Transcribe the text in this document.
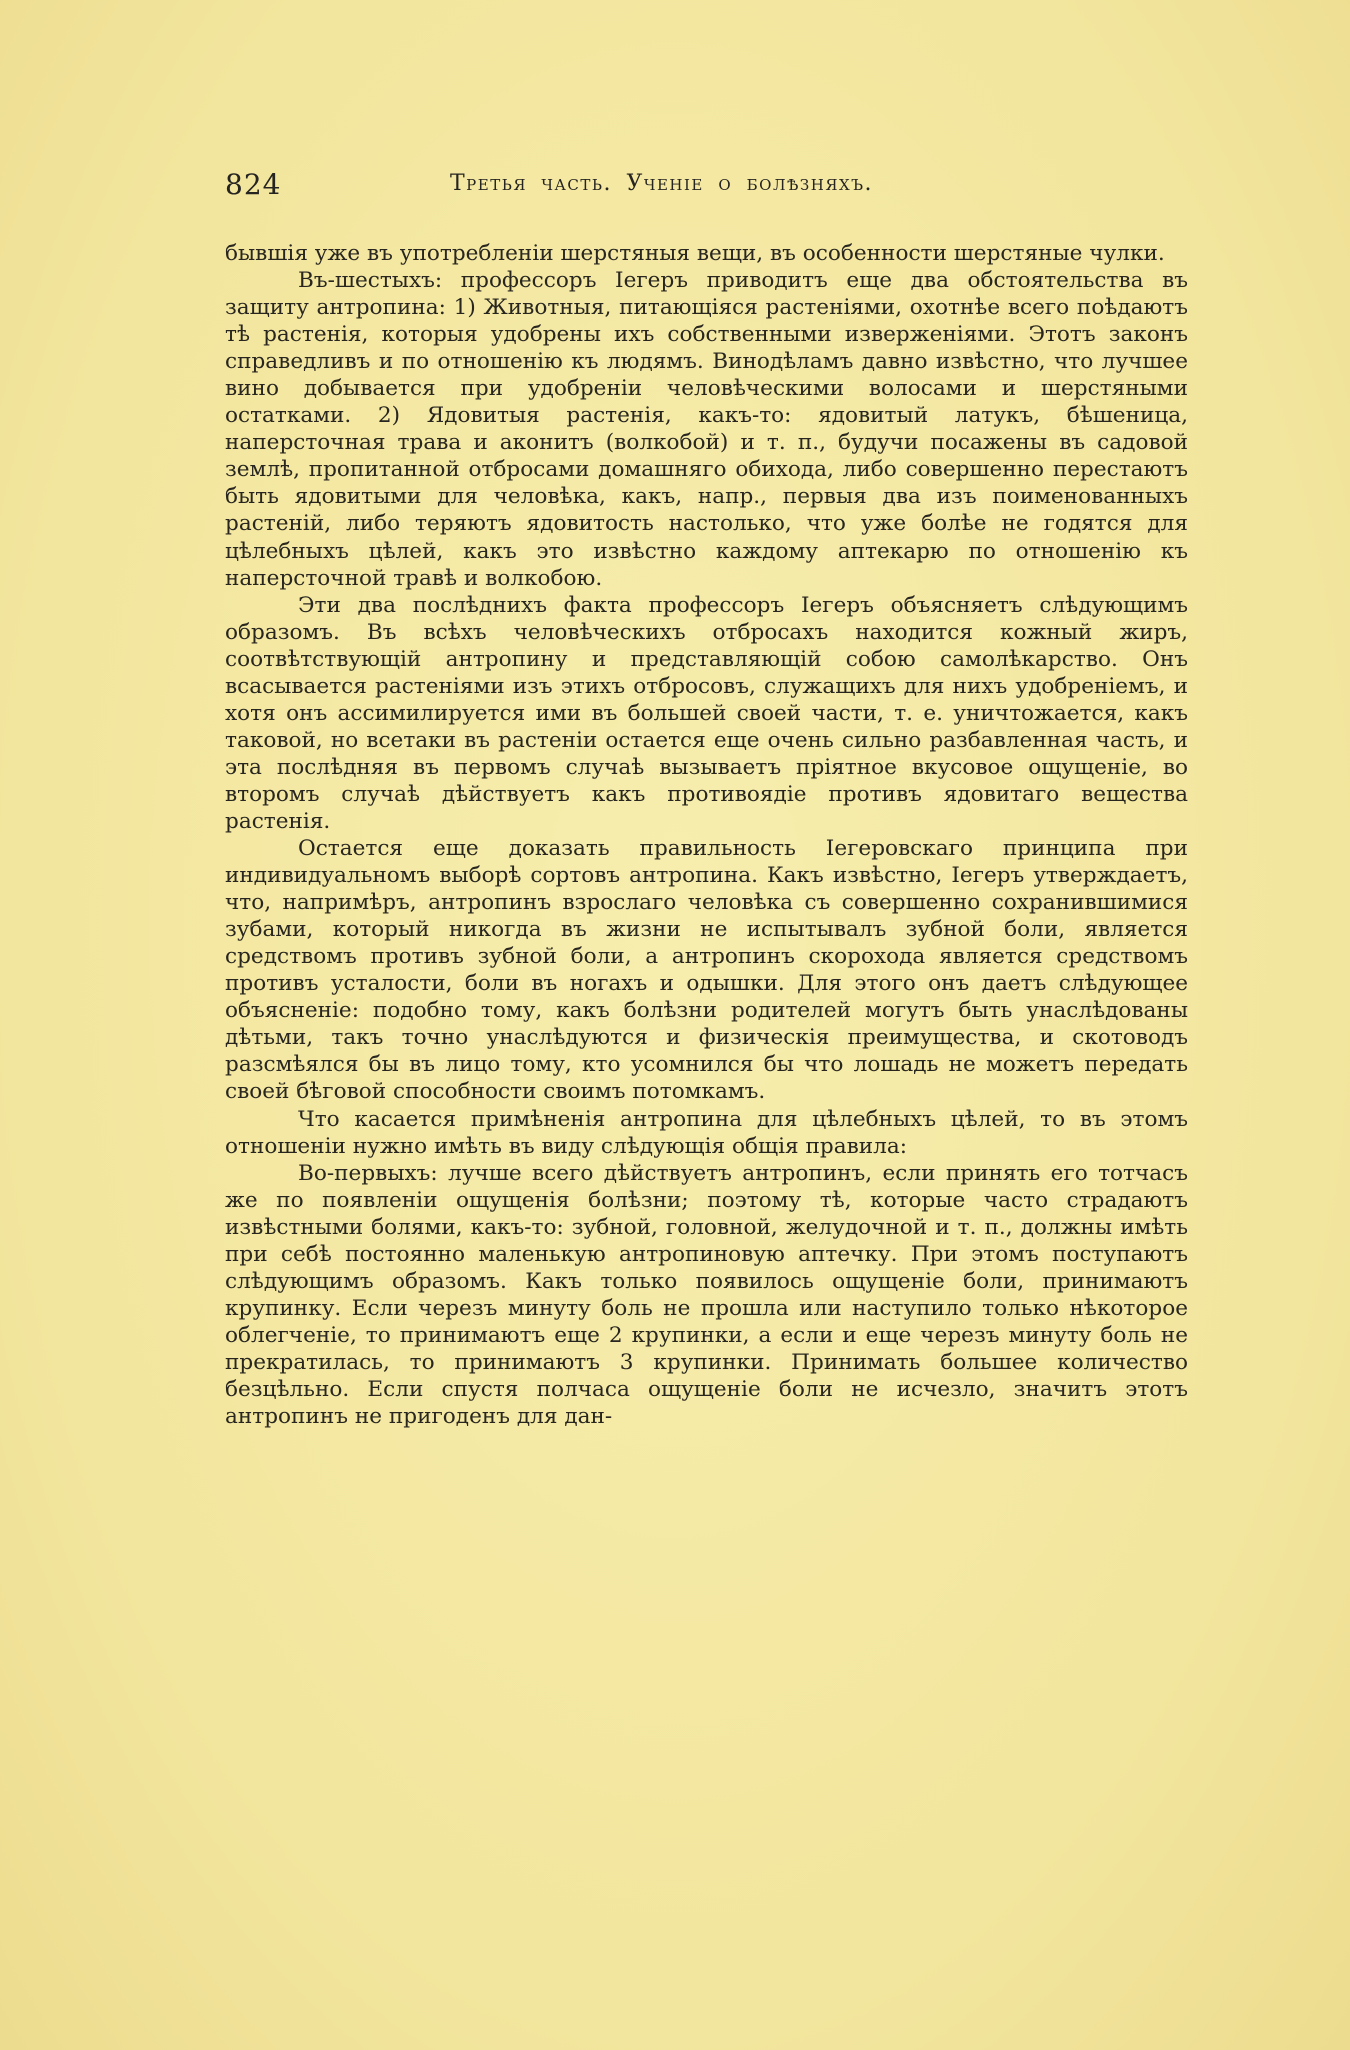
824	Третья часть. Ученіе о болѣзняхъ.

бывшія уже въ употребленіи шерстяныя вещи, въ особенности шерстяные чулки.

Въ-шестыхъ: профессоръ Іегеръ приводитъ еще два обстоятельства въ защиту антропина: 1) Животныя, питающіяся растеніями, охотнѣе всего поѣдаютъ тѣ растенія, которыя удобрены ихъ собственными изверженіями. Этотъ законъ справедливъ и по отношенію къ людямъ. Винодѣламъ давно извѣстно, что лучшее вино добывается при удобреніи человѣческими волосами и шерстяными остатками. 2) Ядовитыя растенія, какъ-то: ядовитый латукъ, бѣшеница, наперсточная трава и аконитъ (волкобой) и т. п., будучи посажены въ садовой землѣ, пропитанной отбросами домашняго обихода, либо совершенно перестаютъ быть ядовитыми для человѣка, какъ, напр., первыя два изъ поименованныхъ растеній, либо теряютъ ядовитость настолько, что уже болѣе не годятся для цѣлебныхъ цѣлей, какъ это извѣстно каждому аптекарю по отношенію къ наперсточной травѣ и волкобою.

Эти два послѣднихъ факта профессоръ Іегеръ объясняетъ слѣдующимъ образомъ. Въ всѣхъ человѣческихъ отбросахъ находится кожный жиръ, соотвѣтствующій антропину и представляющій собою самолѣкарство. Онъ всасывается растеніями изъ этихъ отбросовъ, служащихъ для нихъ удобреніемъ, и хотя онъ ассимилируется ими въ большей своей части, т. е. уничтожается, какъ таковой, но всетаки въ растеніи остается еще очень сильно разбавленная часть, и эта послѣдняя въ первомъ случаѣ вызываетъ пріятное вкусовое ощущеніе, во второмъ случаѣ дѣйствуетъ какъ противоядіе противъ ядовитаго вещества растенія.

Остается еще доказать правильность Іегеровскаго принципа при индивидуальномъ выборѣ сортовъ антропина. Какъ извѣстно, Іегеръ утверждаетъ, что, напримѣръ, антропинъ взрослаго человѣка съ совершенно сохранившимися зубами, который никогда въ жизни не испытывалъ зубной боли, является средствомъ противъ зубной боли, а антропинъ скорохода является средствомъ противъ усталости, боли въ ногахъ и одышки. Для этого онъ даетъ слѣдующее объясненіе: подобно тому, какъ болѣзни родителей могутъ быть унаслѣдованы дѣтьми, такъ точно унаслѣдуются и физическія преимущества, и скотоводъ разсмѣялся бы въ лицо тому, кто усомнился бы что лошадь не можетъ передать своей бѣговой способности своимъ потомкамъ.

Что касается примѣненія антропина для цѣлебныхъ цѣлей, то въ этомъ отношеніи нужно имѣть въ виду слѣдующія общія правила:

Во-первыхъ: лучше всего дѣйствуетъ антропинъ, если принять его тотчасъ же по появленіи ощущенія болѣзни; поэтому тѣ, которые часто страдаютъ извѣстными болями, какъ-то: зубной, головной, желудочной и т. п., должны имѣть при себѣ постоянно маленькую антропиновую аптечку. При этомъ поступаютъ слѣдующимъ образомъ. Какъ только появилось ощущеніе боли, принимаютъ крупинку. Если черезъ минуту боль не прошла или наступило только нѣкоторое облегченіе, то принимаютъ еще 2 крупинки, а если и еще черезъ минуту боль не прекратилась, то принимаютъ 3 крупинки. Принимать большее количество безцѣльно. Если спустя полчаса ощущеніе боли не исчезло, значитъ этотъ антропинъ не пригоденъ для дан-
